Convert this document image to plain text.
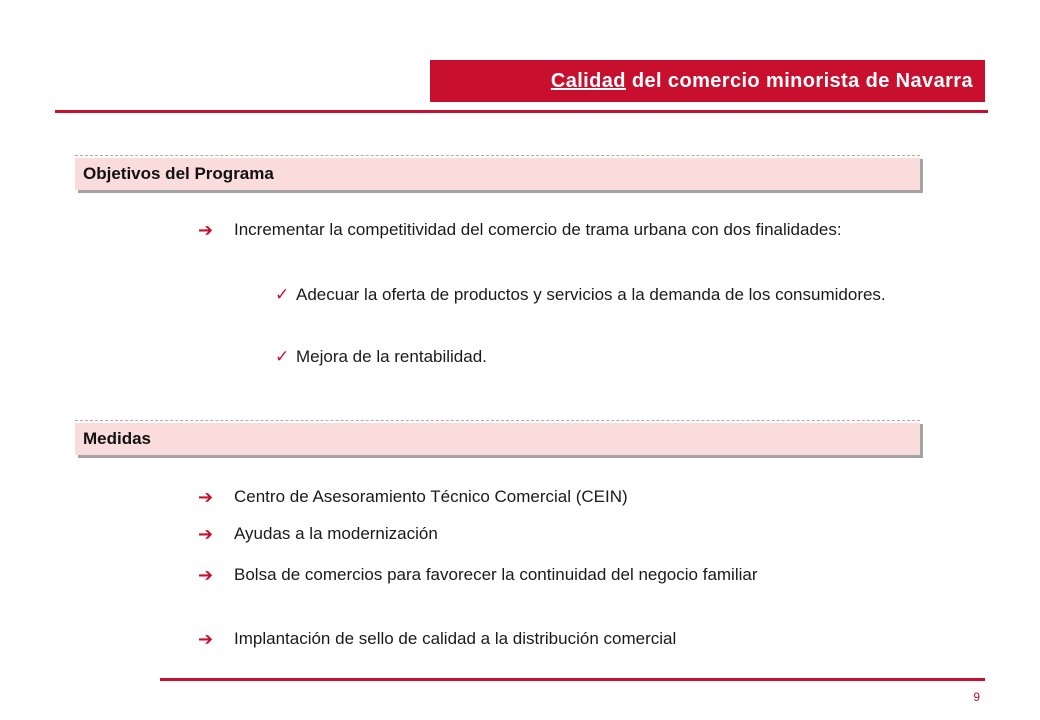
Calidad
del comercio minorista de Navarra
Objetivos del Programa
➔ Incrementar la competitividad del comercio de trama urbana con dos finalidades:
✓ Adecuar la oferta de productos y servicios a la demanda de los consumidores.
✓ Mejora de la rentabilidad.
Medidas
➔ Centro de Asesoramiento Técnico Comercial (CEIN)
➔ Ayudas a la modernización
➔ Bolsa de comercios para favorecer la continuidad del negocio familiar
➔ Implantación de sello de calidad a la distribución comercial
9
